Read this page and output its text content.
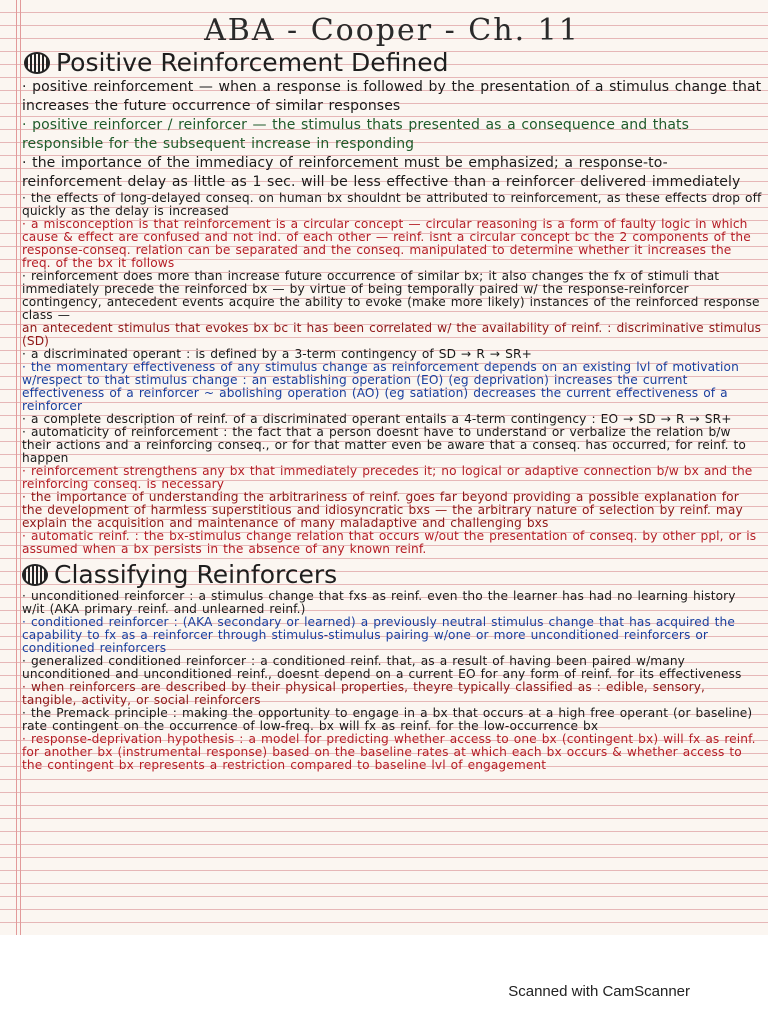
ABA - Cooper - Ch. 11
Positive Reinforcement Defined

· positive reinforcement — when a response is followed by the presentation of a stimulus change that increases the future occurrence of similar responses

· positive reinforcer / reinforcer — the stimulus thats presented as a consequence and thats responsible for the subsequent increase in responding

· the importance of the immediacy of reinforcement must be emphasized; a response-to-reinforcement delay as little as 1 sec. will be less effective than a reinforcer delivered immediately

· the effects of long-delayed conseq. on human bx shouldnt be attributed to reinforcement, as these effects drop off quickly as the delay is increased

· a misconception is that reinforcement is a circular concept — circular reasoning is a form of faulty logic in which cause & effect are confused and not ind. of each other — reinf. isnt a circular concept bc the 2 components of the response-conseq. relation can be separated and the conseq. manipulated to determine whether it increases the freq. of the bx it follows

· reinforcement does more than increase future occurrence of similar bx; it also changes the fx of stimuli that immediately precede the reinforced bx — by virtue of being temporally paired w/ the response-reinforcer contingency, antecedent events acquire the ability to evoke (make more likely) instances of the reinforced response class —

an antecedent stimulus that evokes bx bc it has been correlated w/ the availability of reinf. : discriminative stimulus (SD)

· a discriminated operant : is defined by a 3-term contingency of SD → R → SR+

· the momentary effectiveness of any stimulus change as reinforcement depends on an existing lvl of motivation w/respect to that stimulus change : an establishing operation (EO) (eg deprivation) increases the current effectiveness of a reinforcer ~ abolishing operation (AO) (eg satiation) decreases the current effectiveness of a reinforcer

· a complete description of reinf. of a discriminated operant entails a 4-term contingency : EO → SD → R → SR+

· automaticity of reinforcement : the fact that a person doesnt have to understand or verbalize the relation b/w their actions and a reinforcing conseq., or for that matter even be aware that a conseq. has occurred, for reinf. to happen

· reinforcement strengthens any bx that immediately precedes it; no logical or adaptive connection b/w bx and the reinforcing conseq. is necessary

· the importance of understanding the arbitrariness of reinf. goes far beyond providing a possible explanation for the development of harmless superstitious and idiosyncratic bxs — the arbitrary nature of selection by reinf. may explain the acquisition and maintenance of many maladaptive and challenging bxs

· automatic reinf. : the bx-stimulus change relation that occurs w/out the presentation of conseq. by other ppl, or is assumed when a bx persists in the absence of any known reinf.

Classifying Reinforcers

· unconditioned reinforcer : a stimulus change that fxs as reinf. even tho the learner has had no learning history w/it (AKA primary reinf. and unlearned reinf.)

· conditioned reinforcer : (AKA secondary or learned) a previously neutral stimulus change that has acquired the capability to fx as a reinforcer through stimulus-stimulus pairing w/one or more unconditioned reinforcers or conditioned reinforcers

· generalized conditioned reinforcer : a conditioned reinf. that, as a result of having been paired w/many unconditioned and unconditioned reinf., doesnt depend on a current EO for any form of reinf. for its effectiveness

· when reinforcers are described by their physical properties, theyre typically classified as : edible, sensory, tangible, activity, or social reinforcers

· the Premack principle : making the opportunity to engage in a bx that occurs at a high free operant (or baseline) rate contingent on the occurrence of low-freq. bx will fx as reinf. for the low-occurrence bx

· response-deprivation hypothesis : a model for predicting whether access to one bx (contingent bx) will fx as reinf. for another bx (instrumental response) based on the baseline rates at which each bx occurs & whether access to the contingent bx represents a restriction compared to baseline lvl of engagement

Scanned with CamScanner
